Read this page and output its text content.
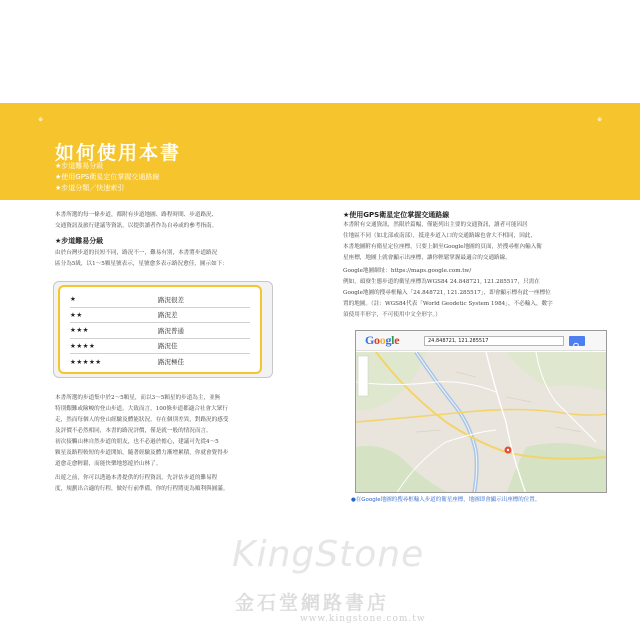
⊕	⊕
如何使用本書
★步道難易分級
★使用GPS衛星定位掌握交通路線
★步道分類／快速索引
本書所選的每一條步道，都附有步道地圖、路程時間、步道路況、
交通資訊及旅行建議等資訊，以提供讀者作為自尋或的參考指南。
★步道難易分級
由於台灣步道的長短不同，路況不一，難易有別，本書將步道路況
區分為5級，以1～5顆星號表示，星號愈多表示路況愈佳，圖示如下：
★	路況很差
★★	路況差
★★★	路況普通
★★★★	路況佳
★★★★★	路況極佳
本書所選的步道集中於2～5顆星，而以3～5顆星的步道為主，並無
特別艱難或險峻的登山步道，大致而言，100條步道都適合社會大眾行
走，然而每個人的登山經驗及體能狀況，存在個別差異，對路況的感受
及評價不必然相同，本書的路況評價，僅是就一般的情況而言。
初次接觸山林自然步道的朋友，也不必過於擔心，建議可先從4～5
顆星及路程較短的步道開始，隨著經驗及體力漸增累積，你就會覺得步
道愈走愈輕鬆，而能快樂地悠遊於山林了。
出遊之前，你可以透過本書提供的行程資訊，先評估步道的難易程
度，規劃出合適的行程，做好行前準備，你的行程將更為順利與圓滿。
★使用GPS衛星定位掌握交通路線
本書附有交通資訊，然限於篇幅，僅能列出主要的交通資訊，讀者可能因居
住地區不同（如北部或南部），抵達步道入口的交通路線也會大不相同，因此，
本書地圖附有衛星定位座標，只要上網至Google地圖的頁面，於搜尋框內輸入衛
星座標，地圖上就會顯示出座標，讓你輕鬆掌握最適合的交通路線。
Google地圖網址：https://maps.google.com.tw/
例如，頭寮生態步道的衛星座標為WGS84 24.848721, 121.285517，只需在
Google地圖的搜尋框輸入「24.848721, 121.285517」，即會顯示標有此一座標位
置的地圖。（註：WGS84代表「World Geodetic System 1984」，不必輸入，數字
須使用半形字，不可使用中文全形字。）
Google	24.848721, 121.285517
●在Google地圖的搜尋框輸入步道的衛星座標，地圖即會顯示出座標的位置。
KingStone
金石堂網路書店
www.kingstone.com.tw
